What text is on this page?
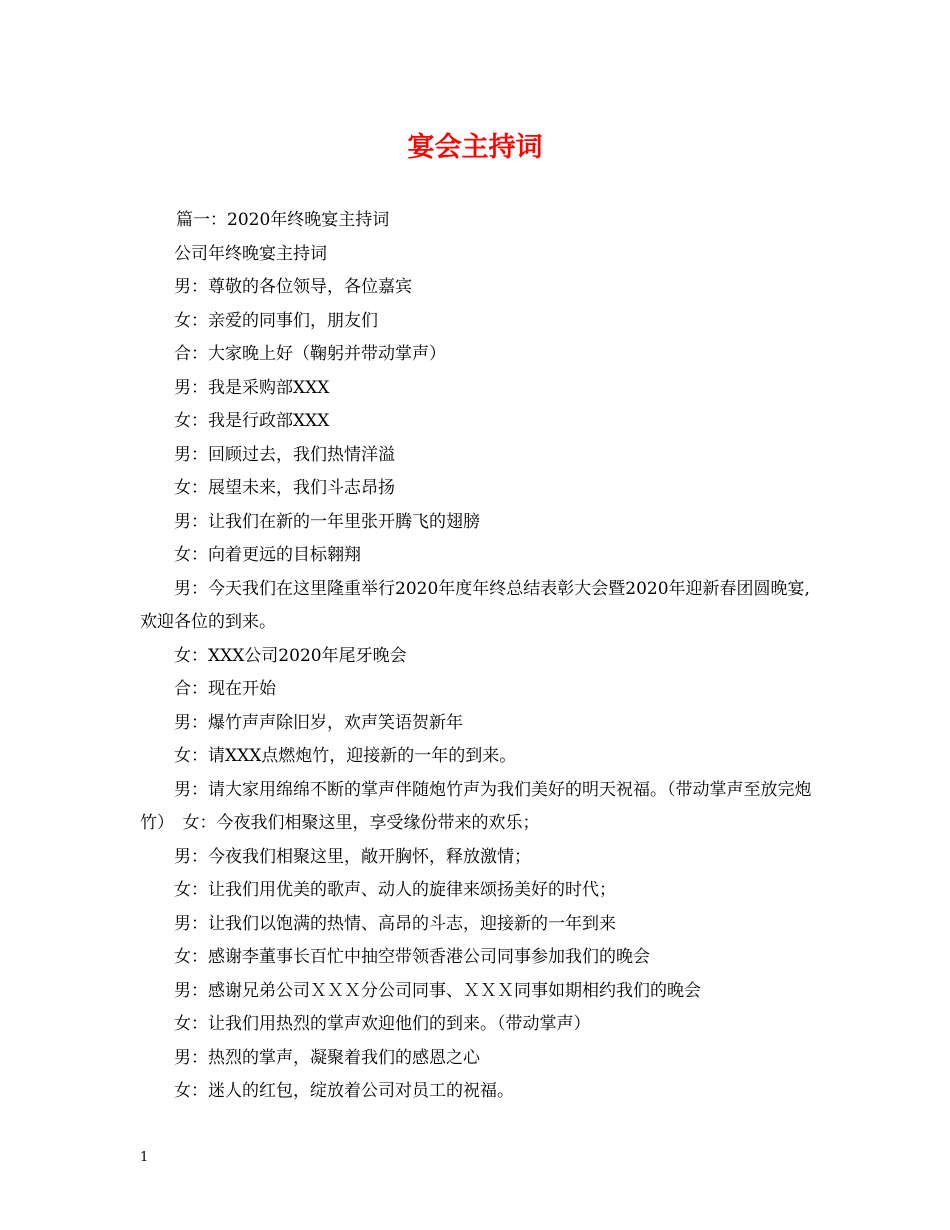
宴会主持词

篇一：2020年终晚宴主持词

公司年终晚宴主持词

男：尊敬的各位领导，各位嘉宾

女：亲爱的同事们，朋友们

合：大家晚上好（鞠躬并带动掌声）

男：我是采购部XXX

女：我是行政部XXX

男：回顾过去，我们热情洋溢

女：展望未来，我们斗志昂扬

男：让我们在新的一年里张开腾飞的翅膀

女：向着更远的目标翱翔

男：今天我们在这里隆重举行2020年度年终总结表彰大会暨2020年迎新春团圆晚宴,欢迎各位的到来。

女：XXX公司2020年尾牙晚会

合：现在开始

男：爆竹声声除旧岁，欢声笑语贺新年

女：请XXX点燃炮竹，迎接新的一年的到来。

男：请大家用绵绵不断的掌声伴随炮竹声为我们美好的明天祝福。（带动掌声至放完炮竹）　女：今夜我们相聚这里，享受缘份带来的欢乐；

男：今夜我们相聚这里，敞开胸怀，释放激情；

女：让我们用优美的歌声、动人的旋律来颂扬美好的时代；

男：让我们以饱满的热情、高昂的斗志，迎接新的一年到来

女：感谢李董事长百忙中抽空带领香港公司同事参加我们的晚会

男：感谢兄弟公司ＸＸＸ分公司同事、ＸＸＸ同事如期相约我们的晚会

女：让我们用热烈的掌声欢迎他们的到来。（带动掌声）

男：热烈的掌声，凝聚着我们的感恩之心

女：迷人的红包，绽放着公司对员工的祝福。

1
